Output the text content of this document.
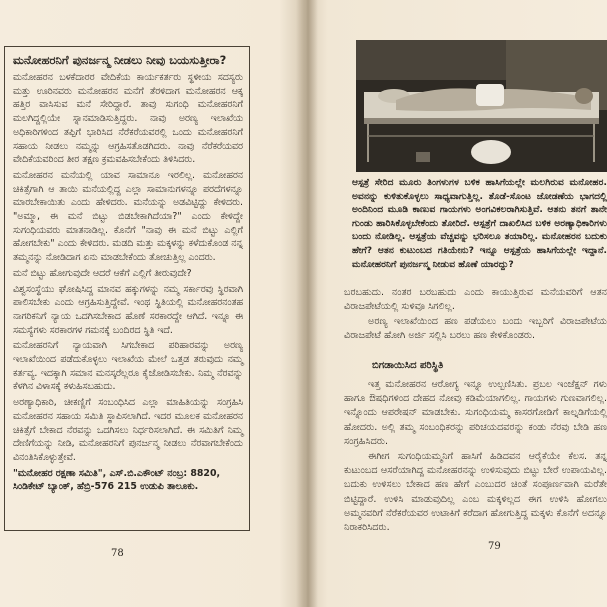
ಮನೋಹರನಿಗೆ ಪುನರ್ಜನ್ಮ ನೀಡಲು ನೀವು ಬಯಸುತ್ತೀರಾ?

ಮನೋಹರನ ಬಳಕೆದಾರರ ವೇದಿಕೆಯ ಕಾರ್ಯಕರ್ತರು ಸ್ಥಳೀಯ ಸದಸ್ಯರು ಮತ್ತು ಊರಿನವರು ಮನೋಹರನ ಮನೆಗೆ ತೆರಳಿದಾಗ ಮನೋಹರನ ಆಕ್ಕ ಹತ್ತಿರ ವಾಸಿಸುವ ಮನೆ ಸೇರಿದ್ದಾರೆ. ತಾವು ಸುಗಂಧಿ ಮನೋಹರನಿಗೆ ಮಲಗಿದ್ದಲ್ಲಿಯೇ ಸ್ನಾನಮಾಡಿಸುತ್ತಿದ್ದರು. ನಾವು ಅರಣ್ಯ ಇಲಾಖೆಯ ಅಧಿಕಾರಿಗಳಿಂದ ತಪ್ಪಿಗೆ ಭಾರಿಸಿದ ನೆರೆಕರೆಯವರಲ್ಲಿ ಒಂದು ಮನೋಹರನಿಗೆ ಸಹಾಯ ನೀಡಲು ನಮ್ಮನ್ನು ಆಗ್ರಹಿಸತೊಡಗಿದರು. ನಾವು ನೆರೆಕರೆಯವರ ವೇದಿಕೆಯವರಿಂದ ತೀರ ತಕ್ಷಣ ಕ್ರಮವಹಿಸಬೇಕೆಂದು ತಿಳಿಸಿದರು.

ಮನೋಹರನ ಮನೆಯಲ್ಲಿ ಯಾವ ಸಾಮಾನೂ ಇರಲಿಲ್ಲ. ಮನೋಹರನ ಚಿಕಿತ್ಸೆಗಾಗಿ ಆ ತಾಯಿ ಮನೆಯಲ್ಲಿದ್ದ ಎಲ್ಲಾ ಸಾಮಾನುಗಳನ್ನೂ ಪರದೆಗಳನ್ನೂ ಮಾರಬೇಕಾಯಿತು ಎಂದು ಹೇಳಿದರು. ಮನೆಯನ್ನು ಅಡವಿಟ್ಟಿದ್ದು ಕೇಳಿದರು. "ಅಮ್ಮಾ, ಈ ಮನೆ ಬಿಟ್ಟು ಬಿಡಬೇಕಾಗಿದೆಯಾ?" ಎಂದು ಕೇಳಿದ್ದೇ ಸುಗಂಧಿಯವರು ಮಾತನಾಡಿಲ್ಲ. ಕೊನೆಗೆ "ನಾವು ಈ ಮನೆ ಬಿಟ್ಟು ಎಲ್ಲಿಗೆ ಹೋಗಬೇಕು" ಎಂದು ಕೇಳಿದರು. ಮಡದಿ ಮತ್ತು ಮಕ್ಕಳನ್ನು ಕಳೆದುಕೊಂಡ ನನ್ನ ತಮ್ಮನನ್ನು ನೋಡಿದಾಗ ಏನು ಮಾಡಬೇಕೆಂದು ತೋಚುತ್ತಿಲ್ಲ ಎಂದರು.

ಮನೆ ಬಿಟ್ಟು ಹೋಗುವುದೇ ಆದರೆ ಆಕೆಗೆ ಎಲ್ಲಿಗೆ ತೀರುವುದೇ?

ವಿಶ್ವಸಂಸ್ಥೆಯು ಘೋಷಿಸಿದ್ದ ಮಾನವ ಹಕ್ಕುಗಳನ್ನು ನಮ್ಮ ಸರ್ಕಾರವು ಸ್ಥಿರವಾಗಿ ಪಾಲಿಸಬೇಕು ಎಂದು ಆಗ್ರಹಿಸುತ್ತಿದ್ದೇವೆ. ಇಂಥ ಸ್ಥಿತಿಯಲ್ಲಿ ಮನೋಹರನಂತಹ ನಾಗರಿಕನಿಗೆ ನ್ಯಾಯ ಒದಗಿಸಬೇಕಾದ ಹೊಣೆ ಸರಕಾರದ್ದೇ ಆಗಿದೆ. ಇನ್ನೂ ಈ ಸಮಸ್ಯೆಗಳು ಸರಕಾರಗಳ ಗಮನಕ್ಕೆ ಬಂದಿರದ ಸ್ಥಿತಿ ಇದೆ.

ಮನೋಹರನಿಗೆ ನ್ಯಾಯವಾಗಿ ಸಿಗಬೇಕಾದ ಪರಿಹಾರವನ್ನು ಅರಣ್ಯ ಇಲಾಖೆಯಿಂದ ಪಡೆದುಕೊಳ್ಳಲು ಇಲಾಖೆಯ ಮೇಲೆ ಒತ್ತಡ ತರುವುದು ನಮ್ಮ ಕರ್ತವ್ಯ. ಇದಕ್ಕಾಗಿ ಸಮಾನ ಮನಸ್ಕರೆಲ್ಲರೂ ಕೈಜೋಡಿಸಬೇಕು. ನಿಮ್ಮ ನೆರವನ್ನು ಕೆಳಗಿನ ವಿಳಾಸಕ್ಕೆ ಕಳುಹಿಸಬಹುದು.

ಅರಣ್ಯಾಧಿಕಾರಿ, ಚೀಕಣ್ಣಿಗೆ ಸಂಬಂಧಿಸಿದ ಎಲ್ಲಾ ಮಾಹಿತಿಯನ್ನು ಸಂಗ್ರಹಿಸಿ ಮನೋಹರನ ಸಹಾಯ ಸಮಿತಿ ಸ್ಥಾಪಿಸಲಾಗಿದೆ. ಇದರ ಮೂಲಕ ಮನೋಹರನ ಚಿಕಿತ್ಸೆಗೆ ಬೇಕಾದ ನೆರವನ್ನು ಒದಗಿಸಲು ನಿರ್ಧರಿಸಲಾಗಿದೆ. ಈ ಸಮಿತಿಗೆ ನಿಮ್ಮ ದೇಣಿಗೆಯನ್ನು ನೀಡಿ, ಮನೋಹರನಿಗೆ ಪುನರ್ಜನ್ಮ ನೀಡಲು ನೆರವಾಗಬೇಕೆಂದು ವಿನಂತಿಸಿಕೊಳ್ಳುತ್ತೇವೆ.

"ಮನೋಹರ ರಕ್ಷಣಾ ಸಮಿತಿ", ಎಸ್.ಬಿ.ಎಕೌಂಟ್ ನಂಬ್ರ: 8820, ಸಿಂಡಿಕೇಟ್ ಬ್ಯಾಂಕ್, ಹೆಬ್ರಿ-576 215 ಉಡುಪಿ ತಾಲೂಕು.
78
ಆಸ್ಪತ್ರೆ ಸೇರಿದ ಮೂರು ತಿಂಗಳುಗಳ ಬಳಿಕ ಹಾಸಿಗೆಯಲ್ಲೇ ಮಲಗಿರುವ ಮನೋಹರ. ಅವನನ್ನು ಕುಳಿತುಕೊಳ್ಳಲು ಸಾಧ್ಯವಾಗುತ್ತಿಲ್ಲ. ತೊಡೆ-ಸೊಂಟ ಜೋಡಣೆಯ ಭಾಗದಲ್ಲಿ ಅಂದಿನಿಂದ ಮೂಡಿ ಕಾಣುವ ಗಾಯಗಳು ಅಂಗವಿಕಲರಾಗಿಸುತ್ತಿವೆ. ಆತನು ತನಗೆ ತಾನೇ ಗುಂಡು ಹಾರಿಸಿಕೊಳ್ಳಬೇಕೆಂದು ತೋರಿದೆ. ಆಸ್ಪತ್ರೆಗೆ ದಾಖಲಿಸಿದ ಬಳಿಕ ಅರಣ್ಯಾಧಿಕಾರಿಗಳು ಬಂದು ನೋಡಿಲ್ಲ. ಆಸ್ಪತ್ರೆಯ ವೆಚ್ಚವನ್ನು ಭರಿಸಲೂ ತಯಾರಿಲ್ಲ. ಮನೋಹರನ ಬದುಕು ಹೇಗೆ? ಆತನ ಕುಟುಂಬದ ಗತಿಯೇನು? ಇನ್ನೂ ಆಸ್ಪತ್ರೆಯ ಹಾಸಿಗೆಯಲ್ಲೇ ಇದ್ದಾನೆ. ಮನೋಹರನಿಗೆ ಪುನರ್ಜನ್ಮ ನೀಡುವ ಹೊಣೆ ಯಾರದ್ದು?
ಬರಬಹುದು. ನಂತರ ಬರಬಹುದು ಎಂದು ಕಾಯುತ್ತಿರುವ ಮನೆಯವರಿಗೆ ಆತನ ವಿರಾಜಪೇಟೆಯಲ್ಲಿ ಸುಳಿವೂ ಸಿಗಲಿಲ್ಲ.
ಅರಣ್ಯ ಇಲಾಖೆಯಿಂದ ಹಣ ಪಡೆಯಲು ಬಂದು ಇಬ್ಬರಿಗೆ ವಿರಾಜಪೇಟೆಯ ವಿರಾಜಪೇಟೆ ಹೋಗಿ ಅರ್ಜಿ ಸಲ್ಲಿಸಿ ಬರಲು ಹಣ ಕೇಳಿಕೊಂಡರು.
ಬಿಗಡಾಯಿಸಿದ ಪರಿಸ್ಥಿತಿ
ಇತ್ತ ಮನೋಹರನ ಆರೋಗ್ಯ ಇನ್ನೂ ಉಲ್ಬಣಿಸಿತು. ಪ್ರಬಲ ಇಂಜೆಕ್ಷನ್ ಗಳು ಹಾಗೂ ಔಷಧಿಗಳಿಂದ ದೇಹದ ನೋವು ಕಡಿಮೆಯಾಗಲಿಲ್ಲ. ಗಾಯಗಳು ಗುಣವಾಗಲಿಲ್ಲ. ಇನ್ನೊಂದು ಆಪರೇಷನ್ ಮಾಡಬೇಕು. ಸುಗಂಧಿಯಮ್ಮ ಕಾಸರಗೋಡಿಗೆ ಕಾಲ್ನಡಿಗೆಯಲ್ಲಿ ಹೋದರು. ಅಲ್ಲಿ ತಮ್ಮ ಸಂಬಂಧಿಕರನ್ನು ಪರಿಚಯದವರನ್ನು ಕಂಡು ನೆರವು ಬೇಡಿ ಹಣ ಸಂಗ್ರಹಿಸಿದರು.
ಈಗೀಗ ಸುಗಂಧಿಯಮ್ಮನಿಗೆ ಹಾಸಿಗೆ ಹಿಡಿದವನ ಆರೈಕೆಯೇ ಕೆಲಸ. ತನ್ನ ಕುಟುಂಬದ ಆಸರೆಯಾಗಿದ್ದ ಮನೋಹರನನ್ನು ಉಳಿಸುವುದು ಬಿಟ್ಟು ಬೇರೆ ಉಪಾಯವಿಲ್ಲ. ಬದುಕು ಉಳಿಸಲು ಬೇಕಾದ ಹಣ ಹೇಗೆ ಎಂಬುದರ ಚಿಂತೆ ಸಂಪೂರ್ಣವಾಗಿ ಮರೆತೇ ಬಿಟ್ಟಿದ್ದಾರೆ. ಉಳಿಸಿ ಮಾಡುವುದಿಲ್ಲ ಎಂಬ ಮಕ್ಕಳಿಲ್ಲದ ಈಗ ಉಳಿಸಿ ಹೋಗಲು ಅಮ್ಮನವರಿಗೆ ನೆರೆಕರೆಯವರ ಉಟಾಕಿಗೆ ಕರೆದಾಗ ಹೋಗುತ್ತಿದ್ದ ಮಕ್ಕಳು ಕೊನೆಗೆ ಅದನ್ನೂ ನಿರಾಕರಿಸಿದರು.
79
